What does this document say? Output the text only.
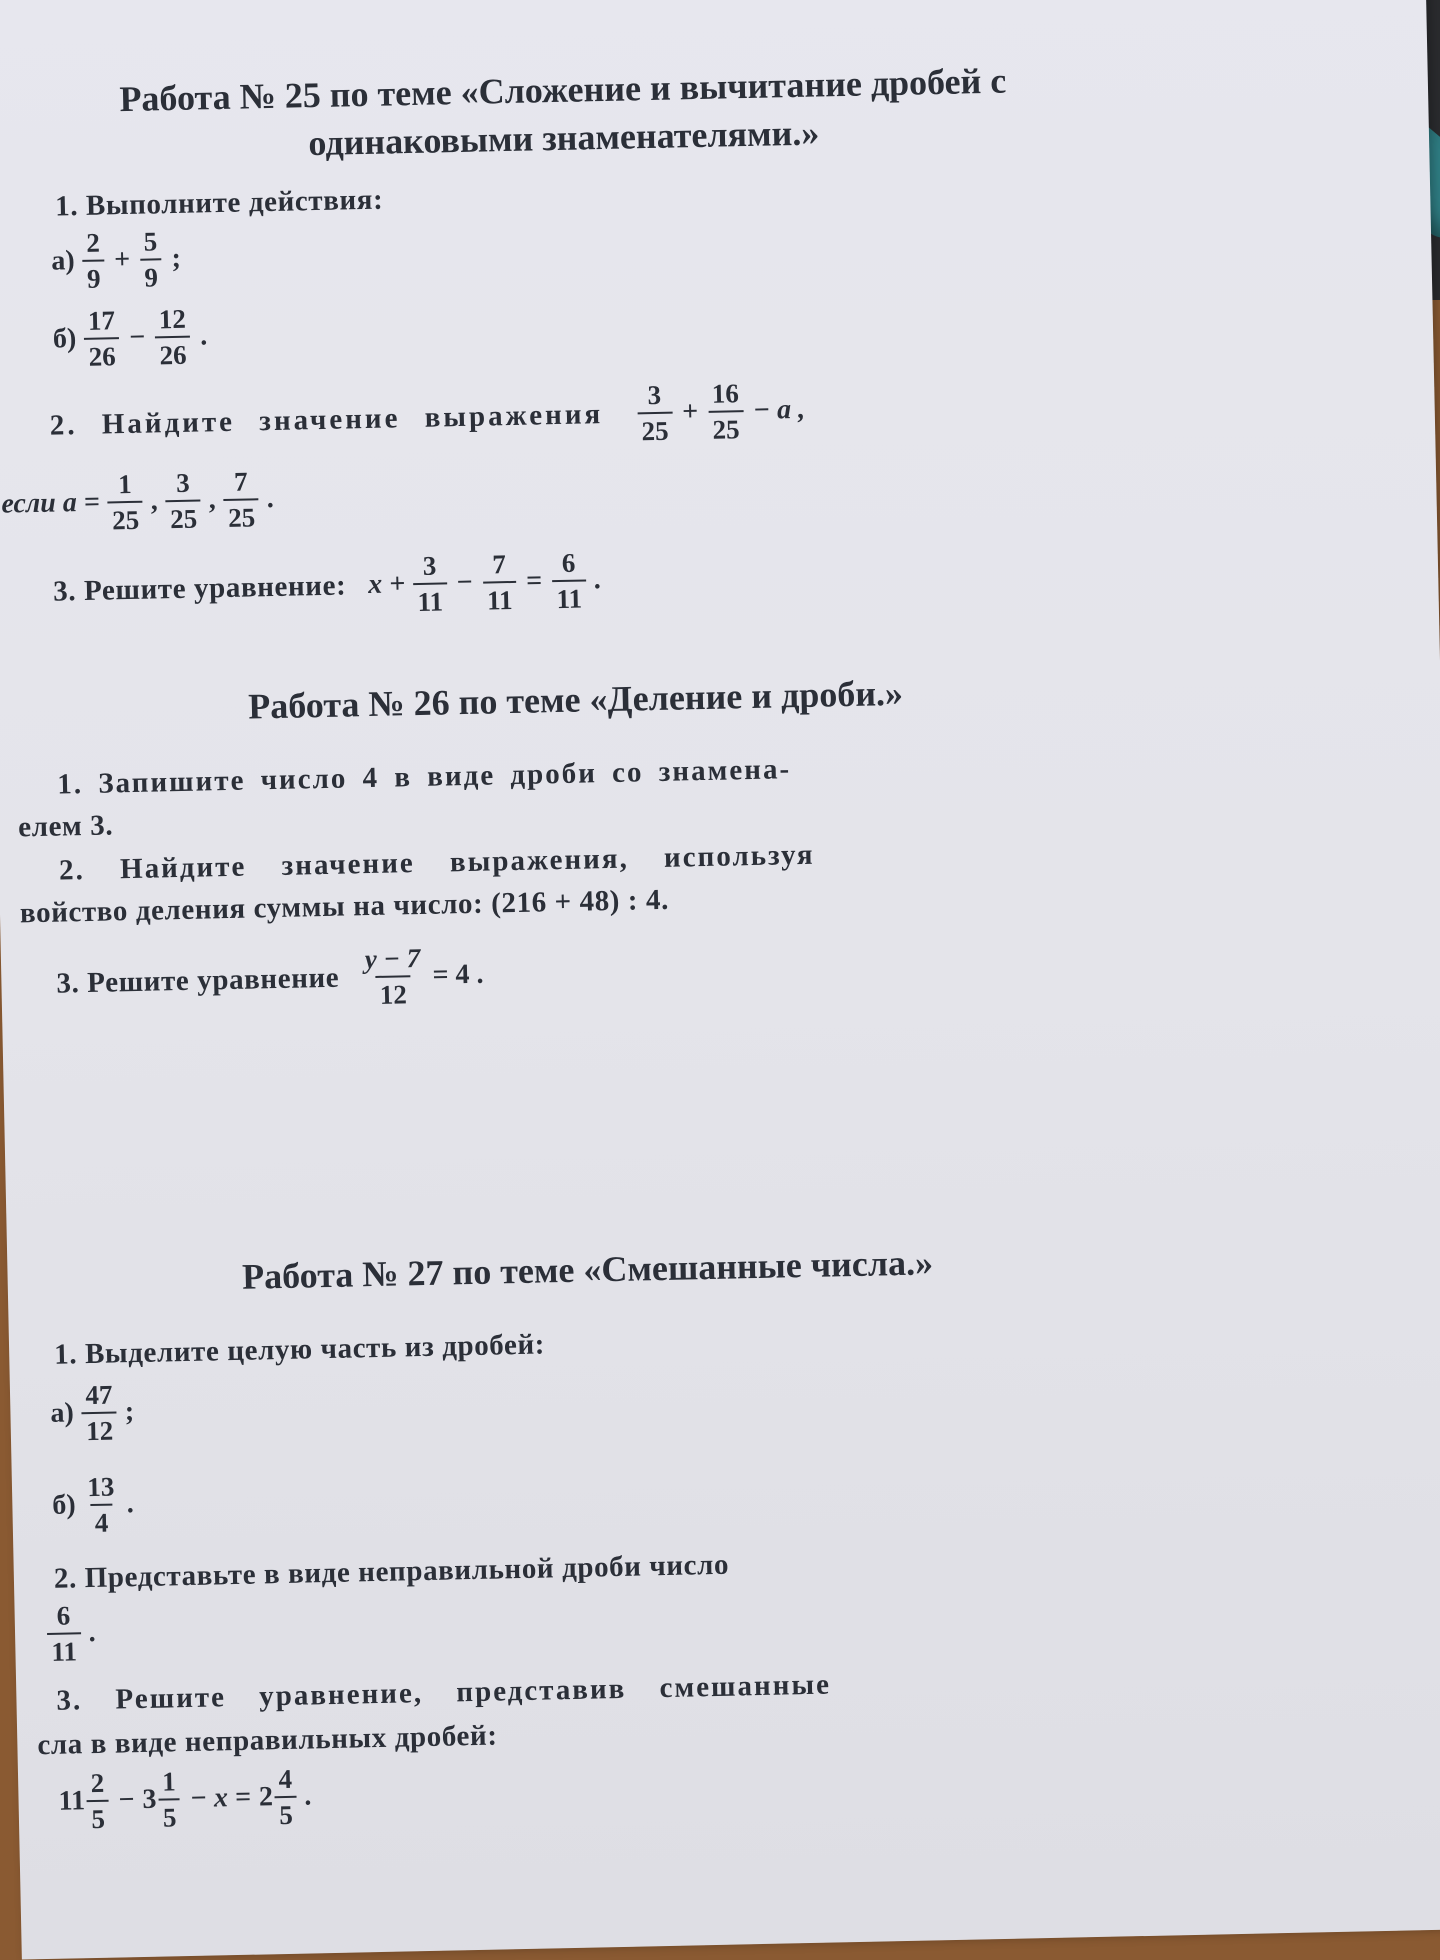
Работа № 25 по теме «Сложение и вычитание дробей с
одинаковыми знаменателями.»
1. Выполните действия:
$а) \frac{2}{9} + \frac{5}{9}$ ;
$б) \frac{17}{26} - \frac{12}{26}$ .
2. Найдите значение выражения $\frac{3}{25} + \frac{16}{25} - a$ ,
если $a = \frac{1}{25}$ , $\frac{3}{25}$ , $\frac{7}{25}$ .
3. Решите уравнение: $x + \frac{3}{11} - \frac{7}{11} = \frac{6}{11}$ .
Работа № 26 по теме «Деление и дроби.»
1. Запишите число 4 в виде дроби со знамена-
елем 3.
2. Найдите значение выражения, используя
войство деления суммы на число: (216 + 48) : 4.
3. Решите уравнение $\frac{y - 7}{12} = 4$ .
Работа № 27 по теме «Смешанные числа.»
1. Выделите целую часть из дробей:
$а) \frac{47}{12}$ ;
$б) \frac{13}{4}$ .
2. Представьте в виде неправильной дроби число
$\frac{6}{11}$ .
3. Решите уравнение, представив смешанные
сла в виде неправильных дробей:
$11 \frac{2}{5} - 3 \frac{1}{5} - x = 2 \frac{4}{5}$ .
